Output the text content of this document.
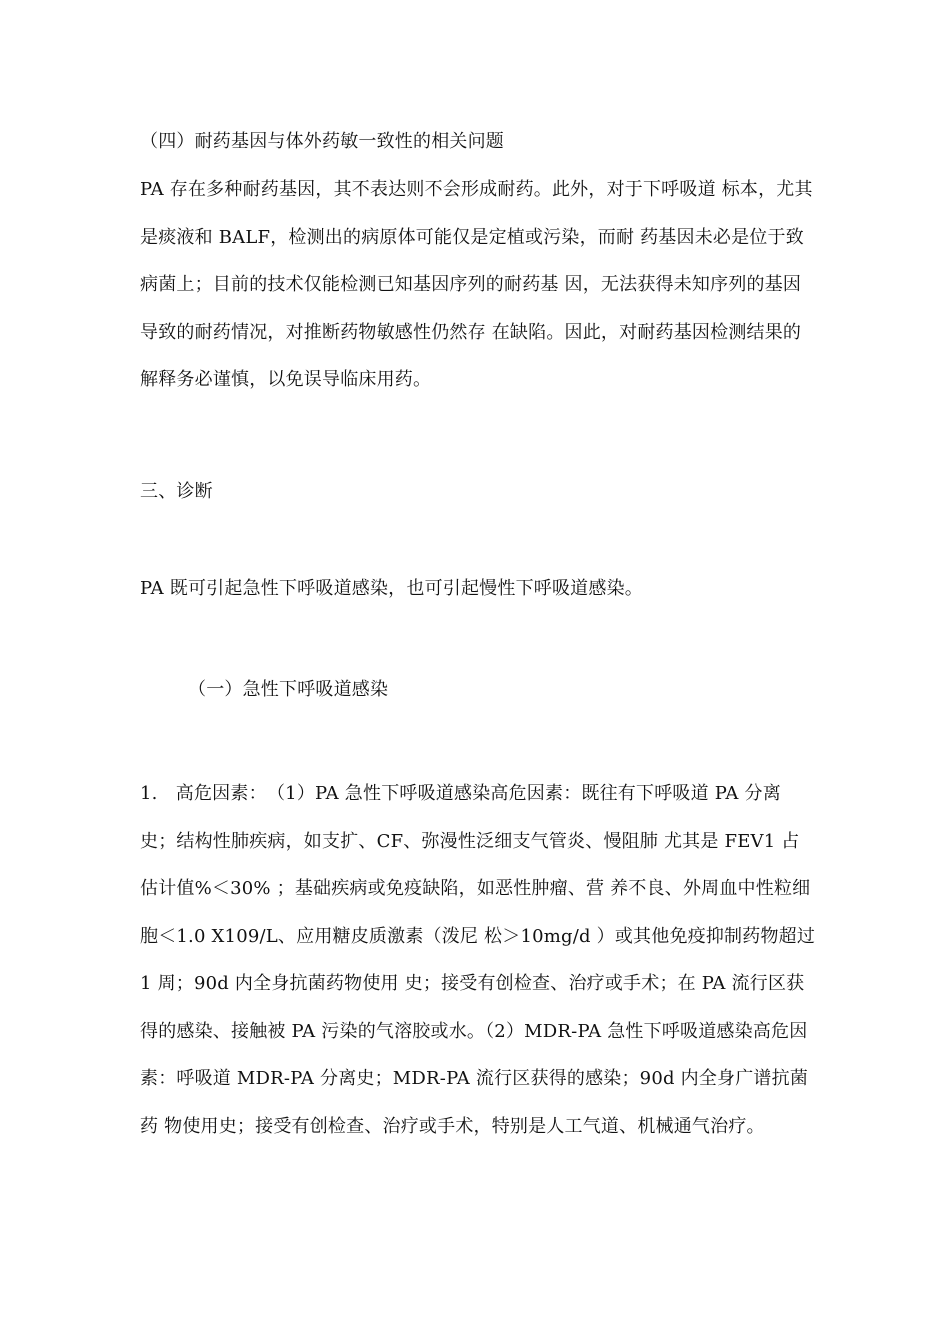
（四）耐药基因与体外药敏一致性的相关问题

PA 存在多种耐药基因，其不表达则不会形成耐药。此外，对于下呼吸道 标本，尤其是痰液和 BALF，检测出的病原体可能仅是定植或污染，而耐 药基因未必是位于致病菌上；目前的技术仅能检测已知基因序列的耐药基 因，无法获得未知序列的基因导致的耐药情况，对推断药物敏感性仍然存 在缺陷。因此，对耐药基因检测结果的解释务必谨慎，以免误导临床用药。

三、诊断

PA 既可引起急性下呼吸道感染，也可引起慢性下呼吸道感染。

（一）急性下呼吸道感染

1.　高危因素：　（1）PA 急性下呼吸道感染高危因素：既往有下呼吸道 PA 分离史；结构性肺疾病，如支扩、CF、弥漫性泛细支气管炎、慢阻肺 尤其是 FEV1 占估计值%＜30% ；基础疾病或免疫缺陷，如恶性肿瘤、营 养不良、外周血中性粒细胞＜1.0 X109/L、应用糖皮质激素（泼尼 松＞10mg/d ）或其他免疫抑制药物超过 1 周；90d 内全身抗菌药物使用 史；接受有创检查、治疗或手术；在 PA 流行区获得的感染、接触被 PA 污染的气溶胶或水。（2）MDR-PA 急性下呼吸道感染高危因素：呼吸道 MDR-PA 分离史；MDR-PA 流行区获得的感染；90d 内全身广谱抗菌药 物使用史；接受有创检查、治疗或手术，特别是人工气道、机械通气治疗。
